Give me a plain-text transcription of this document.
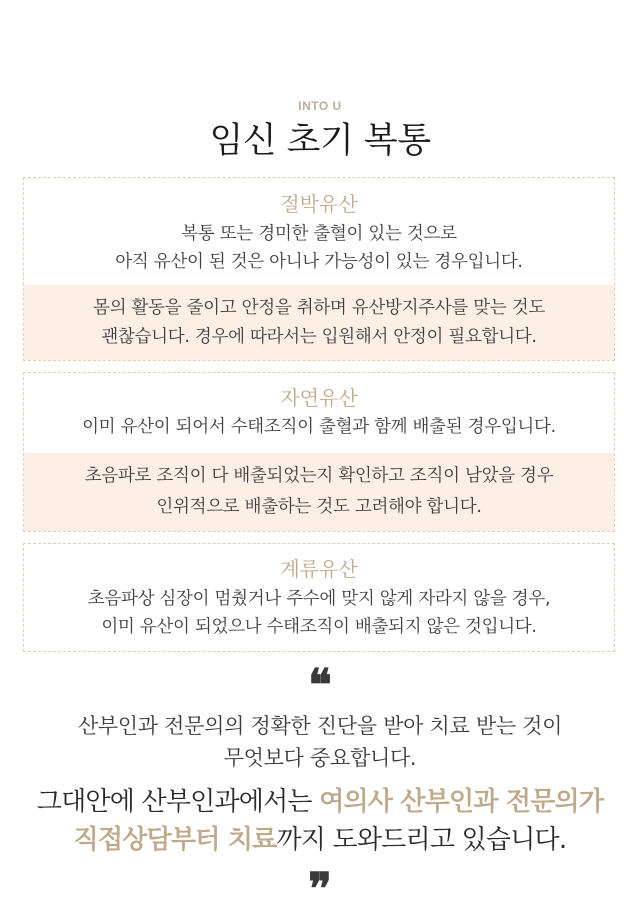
INTO U
임신 초기 복통
절박유산
복통 또는 경미한 출혈이 있는 것으로
아직 유산이 된 것은 아니나 가능성이 있는 경우입니다.
몸의 활동을 줄이고 안정을 취하며 유산방지주사를 맞는 것도
괜찮습니다. 경우에 따라서는 입원해서 안정이 필요합니다.
자연유산
이미 유산이 되어서 수태조직이 출혈과 함께 배출된 경우입니다.
초음파로 조직이 다 배출되었는지 확인하고 조직이 남았을 경우
인위적으로 배출하는 것도 고려해야 합니다.
계류유산
초음파상 심장이 멈췄거나 주수에 맞지 않게 자라지 않을 경우,
이미 유산이 되었으나 수태조직이 배출되지 않은 것입니다.
❝
산부인과 전문의의 정확한 진단을 받아 치료 받는 것이
무엇보다 중요합니다.
그대안에 산부인과에서는 여의사 산부인과 전문의가
직접상담부터 치료까지 도와드리고 있습니다.
❞
